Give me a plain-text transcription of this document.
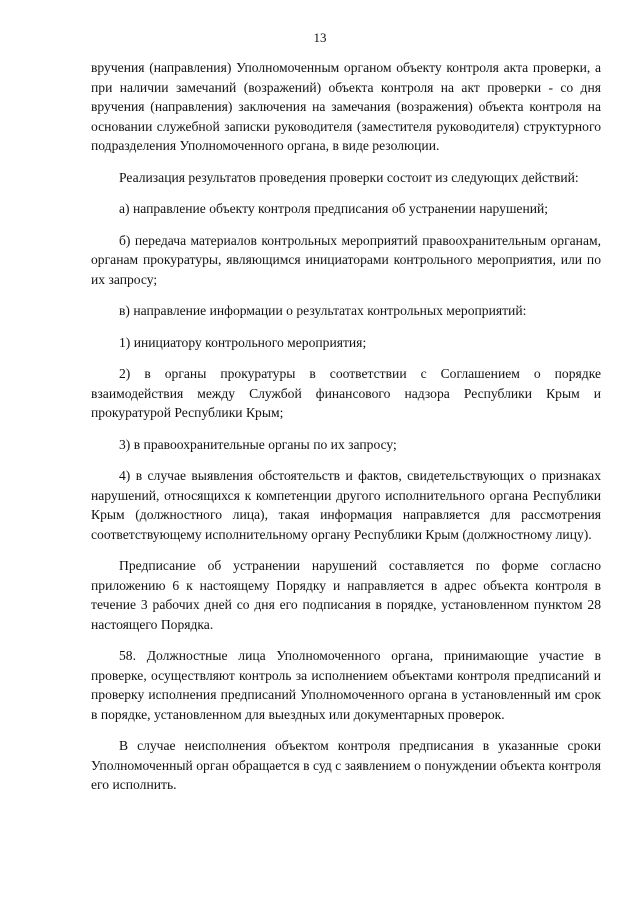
13

вручения (направления) Уполномоченным органом объекту контроля акта проверки, а при наличии замечаний (возражений) объекта контроля на акт проверки - со дня вручения (направления) заключения на замечания (возражения) объекта контроля на основании служебной записки руководителя (заместителя руководителя) структурного подразделения Уполномоченного органа, в виде резолюции.

Реализация результатов проведения проверки состоит из следующих действий:

а) направление объекту контроля предписания об устранении нарушений;

б) передача материалов контрольных мероприятий правоохранительным органам, органам прокуратуры, являющимся инициаторами контрольного мероприятия, или по их запросу;

в) направление информации о результатах контрольных мероприятий:

1) инициатору контрольного мероприятия;

2) в органы прокуратуры в соответствии с Соглашением о порядке взаимодействия между Службой финансового надзора Республики Крым и прокуратурой Республики Крым;

3) в правоохранительные органы по их запросу;

4) в случае выявления обстоятельств и фактов, свидетельствующих о признаках нарушений, относящихся к компетенции другого исполнительного органа Республики Крым (должностного лица), такая информация направляется для рассмотрения соответствующему исполнительному органу Республики Крым (должностному лицу).

Предписание об устранении нарушений составляется по форме согласно приложению 6 к настоящему Порядку и направляется в адрес объекта контроля в течение 3 рабочих дней со дня его подписания в порядке, установленном пунктом 28 настоящего Порядка.

58. Должностные лица Уполномоченного органа, принимающие участие в проверке, осуществляют контроль за исполнением объектами контроля предписаний и проверку исполнения предписаний Уполномоченного органа в установленный им срок в порядке, установленном для выездных или документарных проверок.

В случае неисполнения объектом контроля предписания в указанные сроки Уполномоченный орган обращается в суд с заявлением о понуждении объекта контроля его исполнить.
